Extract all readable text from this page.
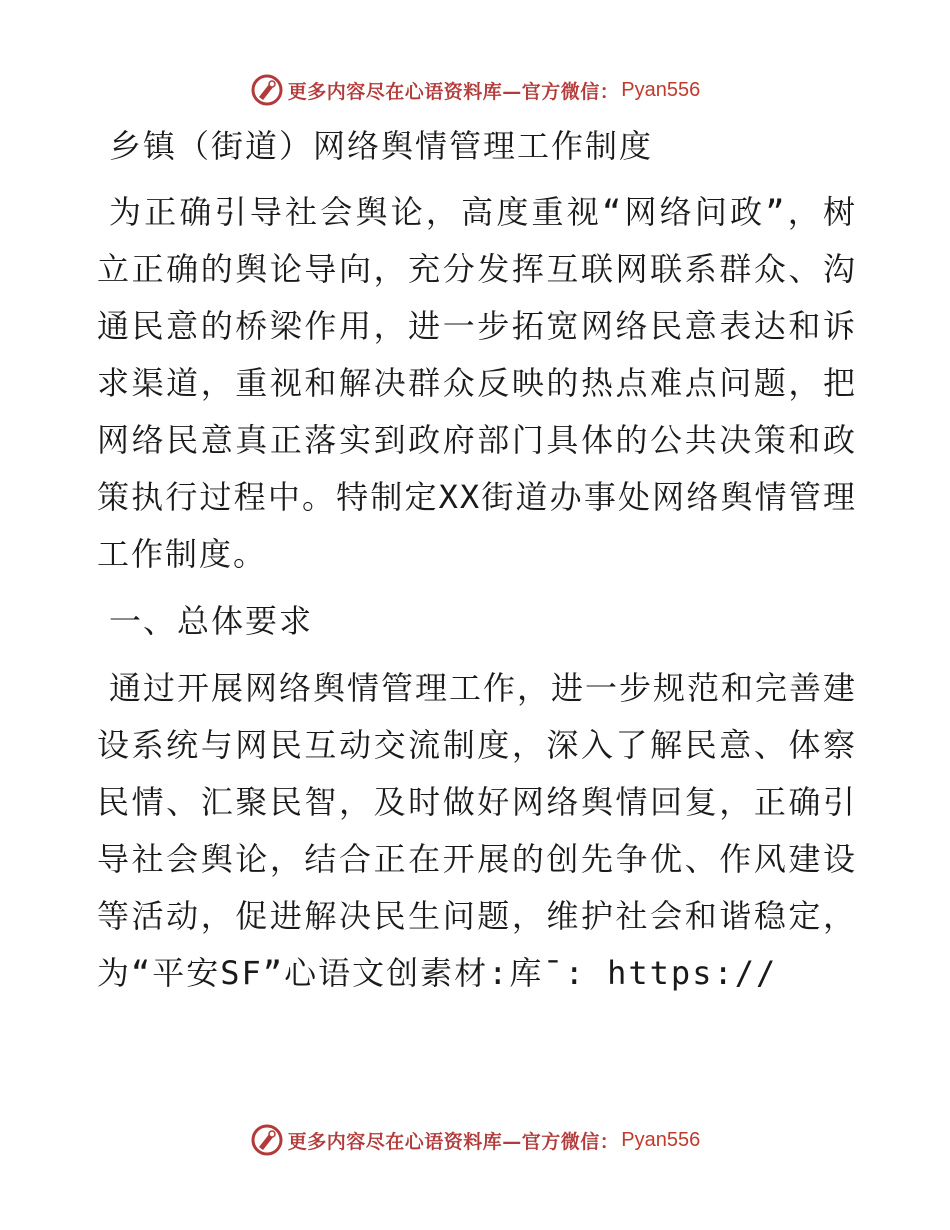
更多内容尽在心语资料库—官方微信： Pyan556
乡镇（街道）网络舆情管理工作制度

为正确引导社会舆论，高度重视“网络问政”，树立正确的舆论导向，充分发挥互联网联系群众、沟通民意的桥梁作用，进一步拓宽网络民意表达和诉求渠道，重视和解决群众反映的热点难点问题，把网络民意真正落实到政府部门具体的公共决策和政策执行过程中。特制定XX街道办事处网络舆情管理工作制度。

一、总体要求

通过开展网络舆情管理工作，进一步规范和完善建设系统与网民互动交流制度，深入了解民意、体察民情、汇聚民智，及时做好网络舆情回复，正确引导社会舆论，结合正在开展的创先争优、作风建设等活动，促进解决民生问题，维护社会和谐稳定，为“平安SF”心语文创素材:库¯: https://

更多内容尽在心语资料库—官方微信： Pyan556
